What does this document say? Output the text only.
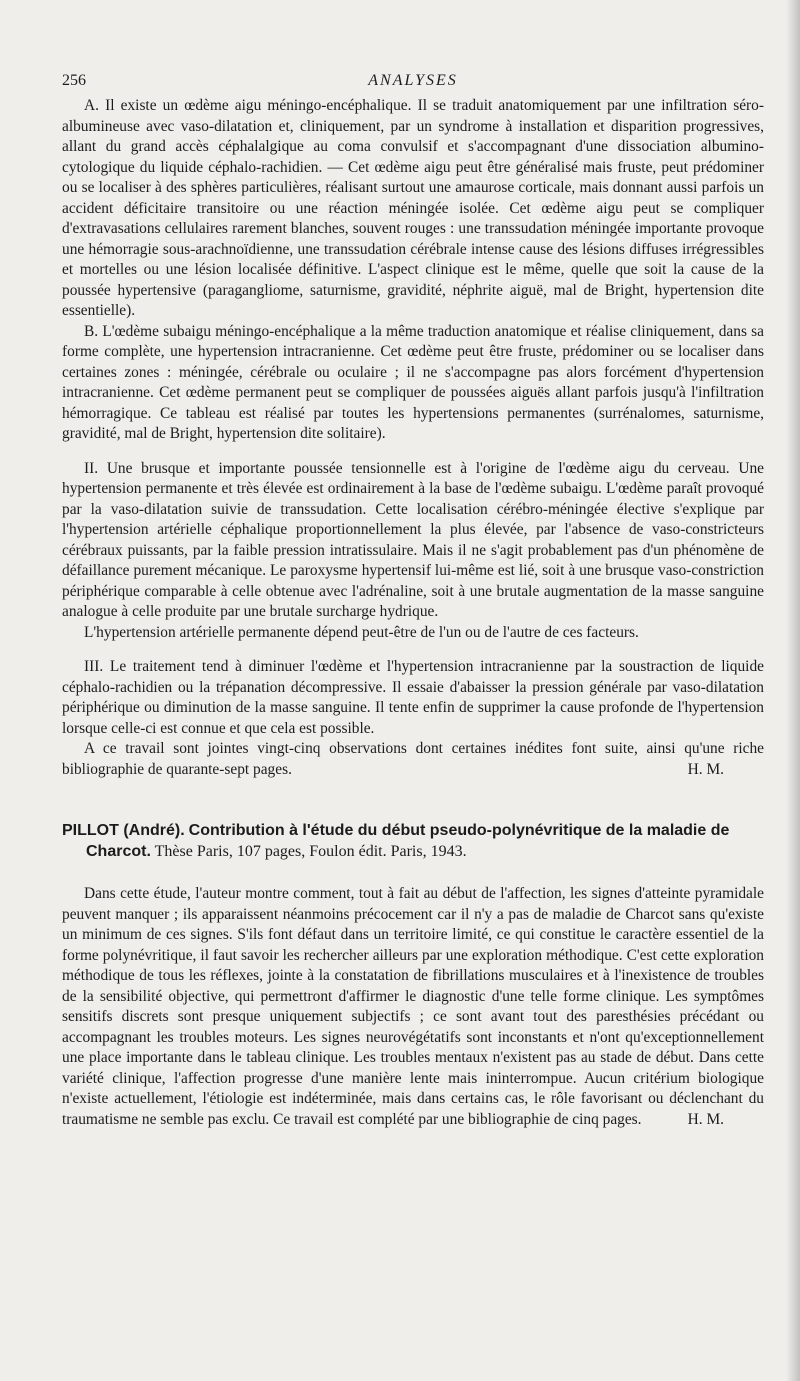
256	ANALYSES

A. Il existe un œdème aigu méningo-encéphalique. Il se traduit anatomiquement par une infiltration séro-albumineuse avec vaso-dilatation et, cliniquement, par un syndrome à installation et disparition progressives, allant du grand accès céphalalgique au coma convulsif et s'accompagnant d'une dissociation albumino-cytologique du liquide céphalo-rachidien. — Cet œdème aigu peut être généralisé mais fruste, peut prédominer ou se localiser à des sphères particulières, réalisant surtout une amaurose corticale, mais donnant aussi parfois un accident déficitaire transitoire ou une réaction méningée isolée. Cet œdème aigu peut se compliquer d'extravasations cellulaires rarement blanches, souvent rouges : une transsudation méningée importante provoque une hémorragie sous-arachnoïdienne, une transsudation cérébrale intense cause des lésions diffuses irrégressibles et mortelles ou une lésion localisée définitive. L'aspect clinique est le même, quelle que soit la cause de la poussée hypertensive (paragangliome, saturnisme, gravidité, néphrite aiguë, mal de Bright, hypertension dite essentielle).

B. L'œdème subaigu méningo-encéphalique a la même traduction anatomique et réalise cliniquement, dans sa forme complète, une hypertension intracranienne. Cet œdème peut être fruste, prédominer ou se localiser dans certaines zones : méningée, cérébrale ou oculaire ; il ne s'accompagne pas alors forcément d'hypertension intracranienne. Cet œdème permanent peut se compliquer de poussées aiguës allant parfois jusqu'à l'infiltration hémorragique. Ce tableau est réalisé par toutes les hypertensions permanentes (surrénalomes, saturnisme, gravidité, mal de Bright, hypertension dite solitaire).

II. Une brusque et importante poussée tensionnelle est à l'origine de l'œdème aigu du cerveau. Une hypertension permanente et très élevée est ordinairement à la base de l'œdème subaigu. L'œdème paraît provoqué par la vaso-dilatation suivie de transsudation. Cette localisation cérébro-méningée élective s'explique par l'hypertension artérielle céphalique proportionnellement la plus élevée, par l'absence de vaso-constricteurs cérébraux puissants, par la faible pression intratissulaire. Mais il ne s'agit probablement pas d'un phénomène de défaillance purement mécanique. Le paroxysme hypertensif lui-même est lié, soit à une brusque vaso-constriction périphérique comparable à celle obtenue avec l'adrénaline, soit à une brutale augmentation de la masse sanguine analogue à celle produite par une brutale surcharge hydrique.

L'hypertension artérielle permanente dépend peut-être de l'un ou de l'autre de ces facteurs.

III. Le traitement tend à diminuer l'œdème et l'hypertension intracranienne par la soustraction de liquide céphalo-rachidien ou la trépanation décompressive. Il essaie d'abaisser la pression générale par vaso-dilatation périphérique ou diminution de la masse sanguine. Il tente enfin de supprimer la cause profonde de l'hypertension lorsque celle-ci est connue et que cela est possible.

A ce travail sont jointes vingt-cinq observations dont certaines inédites font suite, ainsi qu'une riche bibliographie de quarante-sept pages.	H. M.

PILLOT (André). Contribution à l'étude du début pseudo-polynévritique de la maladie de Charcot. Thèse Paris, 107 pages, Foulon édit. Paris, 1943.

Dans cette étude, l'auteur montre comment, tout à fait au début de l'affection, les signes d'atteinte pyramidale peuvent manquer ; ils apparaissent néanmoins précocement car il n'y a pas de maladie de Charcot sans qu'existe un minimum de ces signes. S'ils font défaut dans un territoire limité, ce qui constitue le caractère essentiel de la forme polynévritique, il faut savoir les rechercher ailleurs par une exploration méthodique. C'est cette exploration méthodique de tous les réflexes, jointe à la constatation de fibrillations musculaires et à l'inexistence de troubles de la sensibilité objective, qui permettront d'affirmer le diagnostic d'une telle forme clinique. Les symptômes sensitifs discrets sont presque uniquement subjectifs ; ce sont avant tout des paresthésies précédant ou accompagnant les troubles moteurs. Les signes neurovégétatifs sont inconstants et n'ont qu'exceptionnellement une place importante dans le tableau clinique. Les troubles mentaux n'existent pas au stade de début. Dans cette variété clinique, l'affection progresse d'une manière lente mais ininterrompue. Aucun critérium biologique n'existe actuellement, l'étiologie est indéterminée, mais dans certains cas, le rôle favorisant ou déclenchant du traumatisme ne semble pas exclu. Ce travail est complété par une bibliographie de cinq pages.	H. M.
